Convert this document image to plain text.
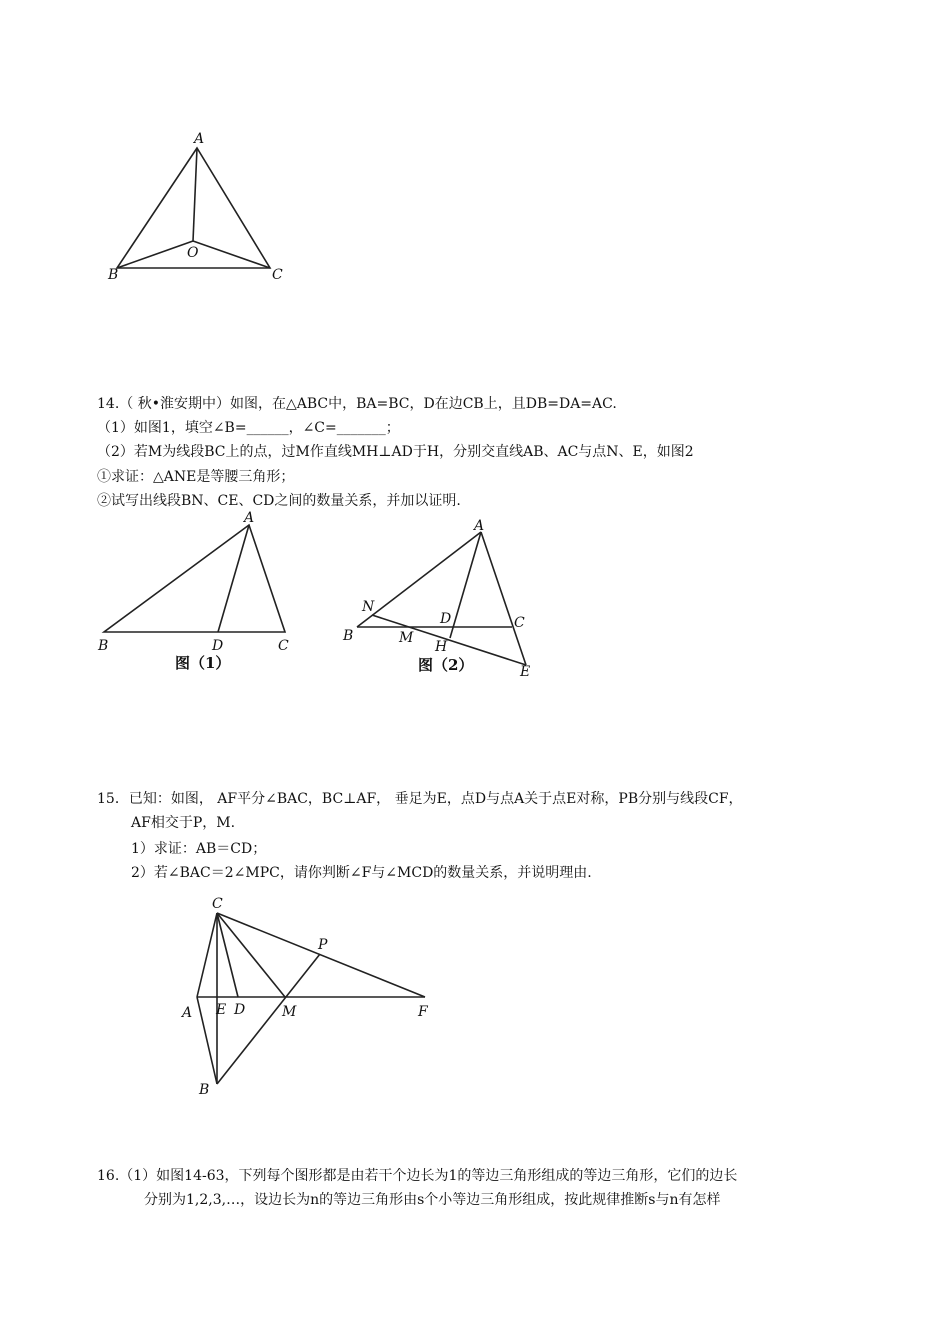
A
O
B	C
14.（ 秋•淮安期中）如图，在△ABC中，BA=BC，D在边CB上，且DB=DA=AC.
（1）如图1，填空∠B=______，∠C=_______；
（2）若M为线段BC上的点，过M作直线MH⊥AD于H，分别交直线AB、AC与点N、E，如图2
①求证：△ANE是等腰三角形；
②试写出线段BN、CE、CD之间的数量关系，并加以证明.
A
B	D	C
图（1）
A
N
D	C
B	M
H
E
图（2）
15．已知：如图， AF平分∠BAC，BC⊥AF， 垂足为E，点D与点A关于点E对称，PB分别与线段CF，
AF相交于P，M.
1）求证：AB＝CD；
2）若∠BAC＝2∠MPC，请你判断∠F与∠MCD的数量关系，并说明理由.
C
P
A E D	M	F
B
16.（1）如图14-63，下列每个图形都是由若干个边长为1的等边三角形组成的等边三角形，它们的边长
分别为1,2,3,…，设边长为n的等边三角形由s个小等边三角形组成，按此规律推断s与n有怎样
